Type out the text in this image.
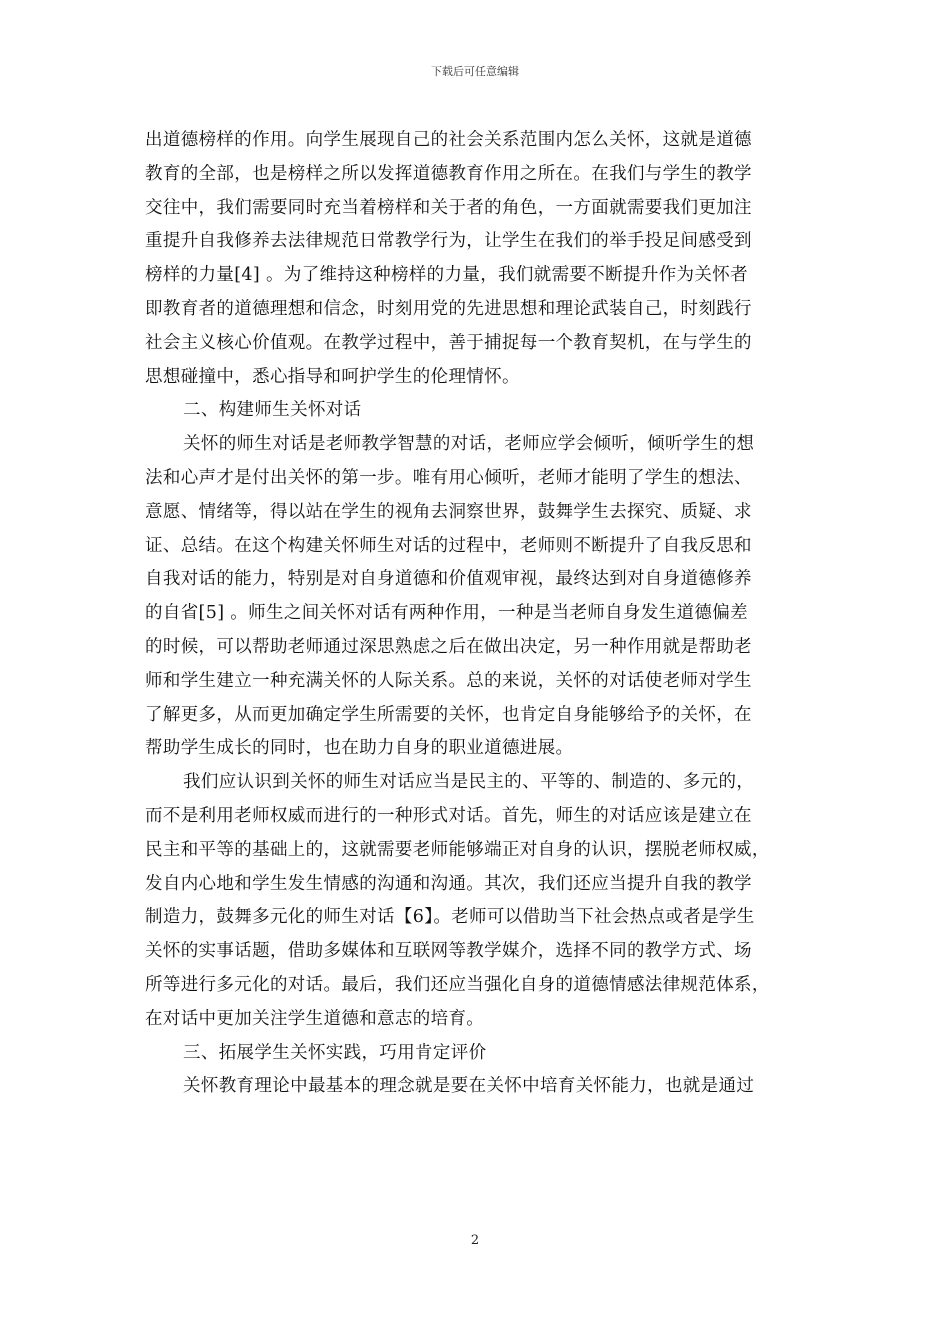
下载后可任意编辑
出道德榜样的作用。向学生展现自己的社会关系范围内怎么关怀，这就是道德
教育的全部，也是榜样之所以发挥道德教育作用之所在。在我们与学生的教学
交往中，我们需要同时充当着榜样和关于者的角色，一方面就需要我们更加注
重提升自我修养去法律规范日常教学行为，让学生在我们的举手投足间感受到
榜样的力量[4] 。为了维持这种榜样的力量，我们就需要不断提升作为关怀者
即教育者的道德理想和信念，时刻用党的先进思想和理论武装自己，时刻践行
社会主义核心价值观。在教学过程中，善于捕捉每一个教育契机，在与学生的
思想碰撞中，悉心指导和呵护学生的伦理情怀。
二、构建师生关怀对话
关怀的师生对话是老师教学智慧的对话，老师应学会倾听，倾听学生的想
法和心声才是付出关怀的第一步。唯有用心倾听，老师才能明了学生的想法、
意愿、情绪等，得以站在学生的视角去洞察世界，鼓舞学生去探究、质疑、求
证、总结。在这个构建关怀师生对话的过程中，老师则不断提升了自我反思和
自我对话的能力，特别是对自身道德和价值观审视，最终达到对自身道德修养
的自省[5] 。师生之间关怀对话有两种作用，一种是当老师自身发生道德偏差
的时候，可以帮助老师通过深思熟虑之后在做出决定，另一种作用就是帮助老
师和学生建立一种充满关怀的人际关系。总的来说，关怀的对话使老师对学生
了解更多，从而更加确定学生所需要的关怀，也肯定自身能够给予的关怀，在
帮助学生成长的同时，也在助力自身的职业道德进展。
我们应认识到关怀的师生对话应当是民主的、平等的、制造的、多元的，
而不是利用老师权威而进行的一种形式对话。首先，师生的对话应该是建立在
民主和平等的基础上的，这就需要老师能够端正对自身的认识，摆脱老师权威，
发自内心地和学生发生情感的沟通和沟通。其次，我们还应当提升自我的教学
制造力，鼓舞多元化的师生对话【6】。老师可以借助当下社会热点或者是学生
关怀的实事话题，借助多媒体和互联网等教学媒介，选择不同的教学方式、场
所等进行多元化的对话。最后，我们还应当强化自身的道德情感法律规范体系，
在对话中更加关注学生道德和意志的培育。
三、拓展学生关怀实践，巧用肯定评价
关怀教育理论中最基本的理念就是要在关怀中培育关怀能力，也就是通过
2
